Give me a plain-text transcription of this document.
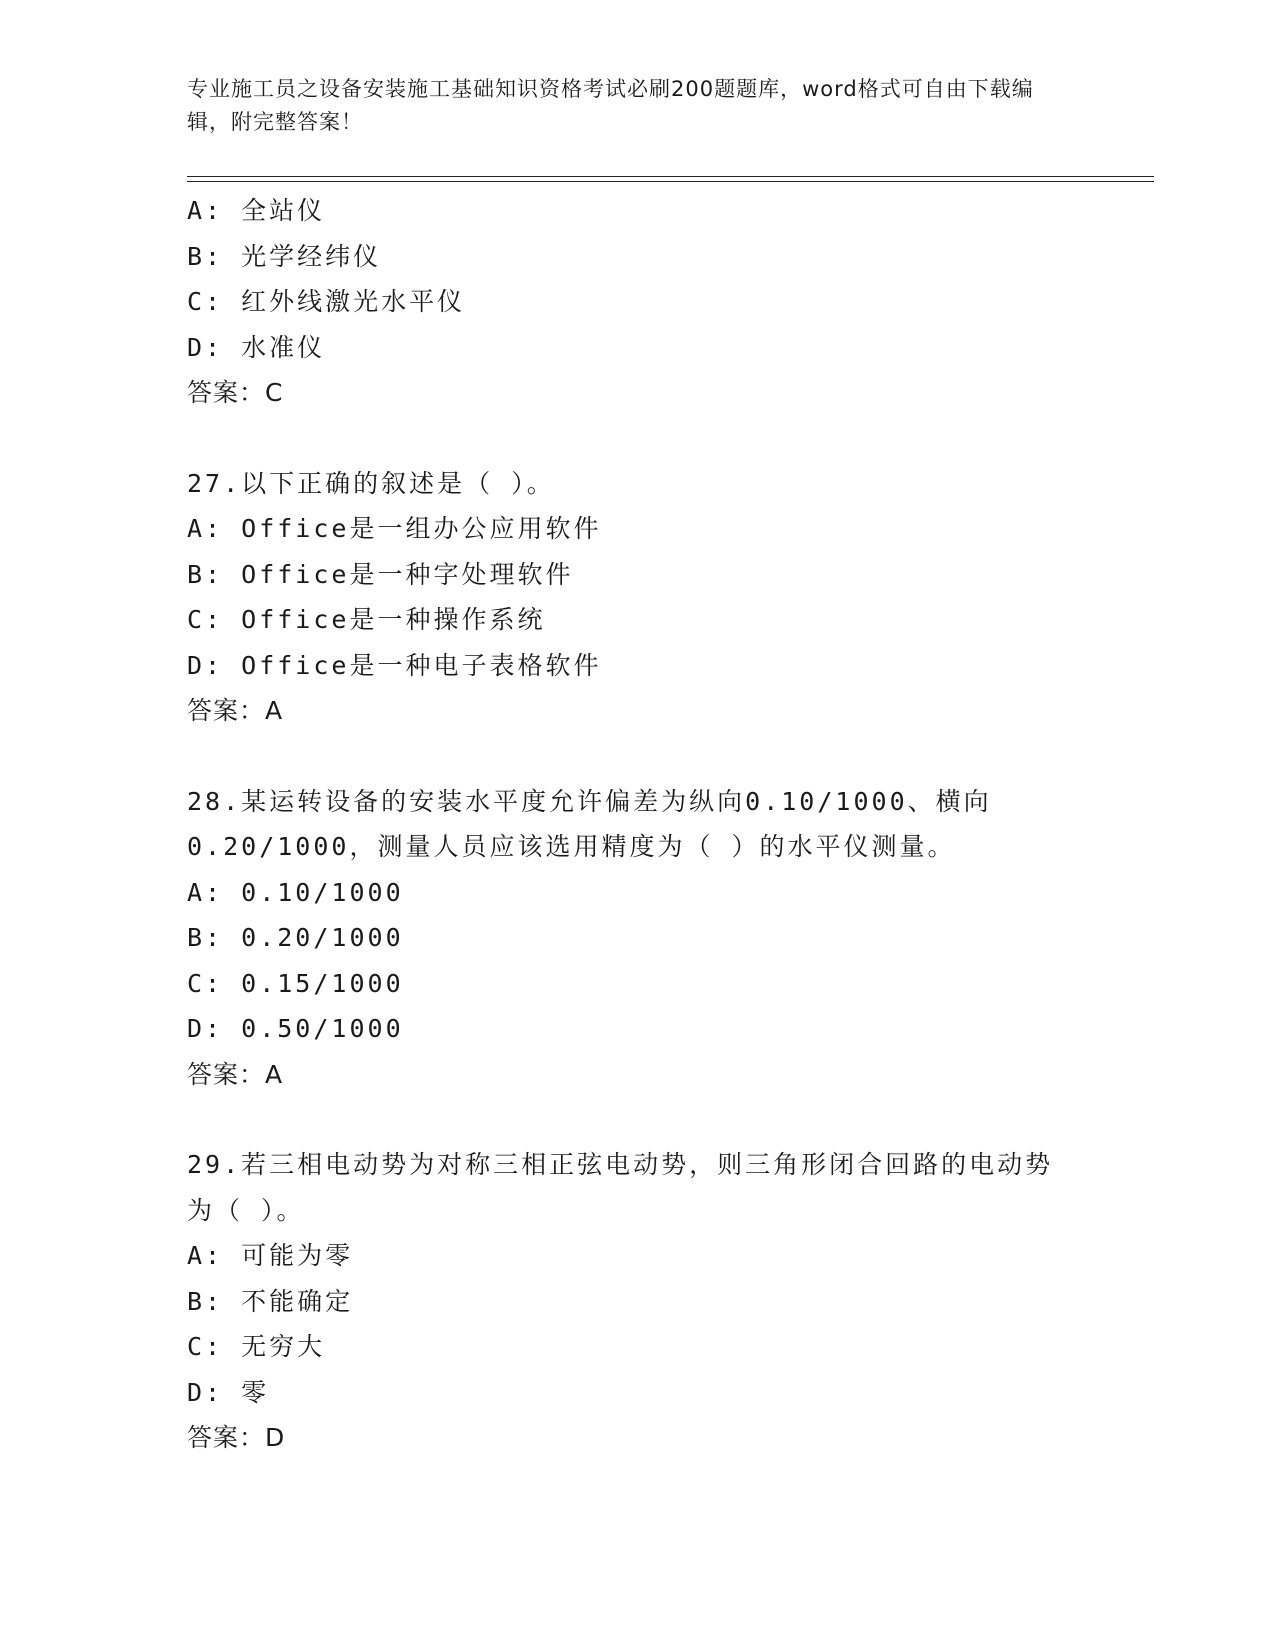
专业施工员之设备安装施工基础知识资格考试必刷200题题库，word格式可自由下载编辑，附完整答案！
A: 全站仪
B: 光学经纬仪
C: 红外线激光水平仪
D: 水准仪
答案：C
27.以下正确的叙述是（ ）。
A: Office是一组办公应用软件
B: Office是一种字处理软件
C: Office是一种操作系统
D: Office是一种电子表格软件
答案：A
28.某运转设备的安装水平度允许偏差为纵向0.10/1000、横向
0.20/1000，测量人员应该选用精度为（ ）的水平仪测量。
A: 0.10/1000
B: 0.20/1000
C: 0.15/1000
D: 0.50/1000
答案：A
29.若三相电动势为对称三相正弦电动势，则三角形闭合回路的电动势
为（ ）。
A: 可能为零
B: 不能确定
C: 无穷大
D: 零
答案：D
